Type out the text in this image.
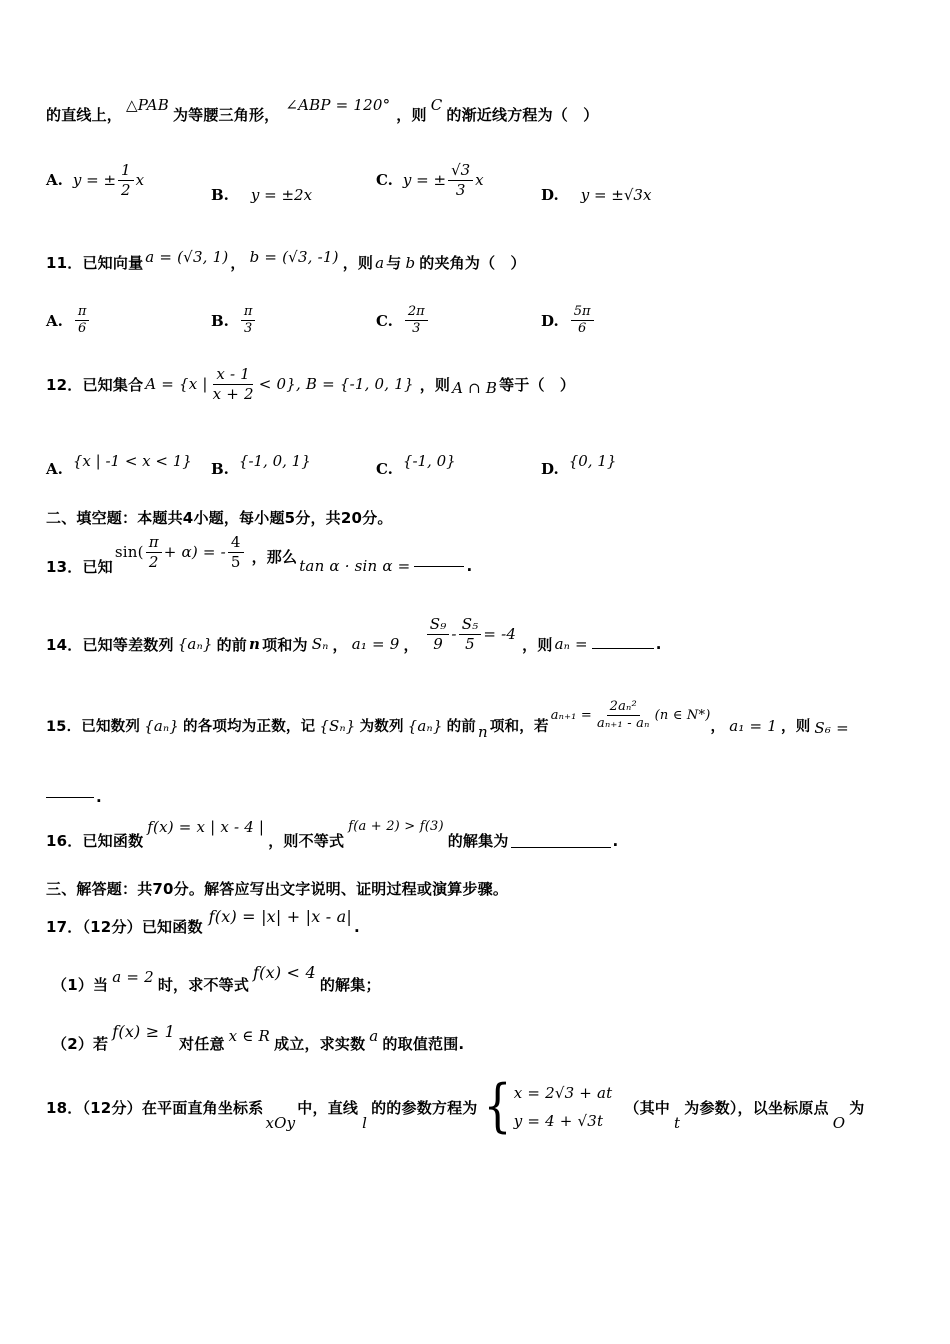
的直线上，
△PAB
为等腰三角形，
∠ABP = 120°
，则
C
的渐近线方程为（　）
A. y = ± $\frac{1}{2}$ x
B. y = ±2x
C. y = ± $\frac{√3}{3}$ x
D. y = ±√3x
11．已知向量 a = (√3, 1) ， b = (√3, -1) ，则 a 与 b 的夹角为（　）
A. $\frac{\pi}{6}$	B. $\frac{\pi}{3}$	C. $\frac{2\pi}{3}$	D. $\frac{5\pi}{6}$
12．已知集合 A = {x | $\frac{x - 1}{x + 2} < 0$}, B = {-1, 0, 1} ，则 A ∩ B 等于（　）
A. {x | -1 < x < 1} B. {-1, 0, 1}	C. {-1, 0}	D. {0, 1}
二、填空题：本题共4小题，每小题5分，共20分。
13．已知
$\sin( \frac{\pi}{2} + \alpha)$ = - $\frac{4}{5}$ ，那么
tan α · sin α =	.
14．已知等差数列 {aₙ} 的前 n 项和为 Sₙ ， a₁ = 9 ， $\frac{\text{S₉}}{9} - \frac{\text{S₅}}{5} = -4$
，则 aₙ =	.
15．已知数列 {aₙ} 的各项均为正数，记 {Sₙ} 为数列 {aₙ} 的前 n 项和，若
$a_{n+1} = \frac{\text{2aₙ²}}{\text{aₙ₊₁ - aₙ}} (n$ ∈ N*)
， a₁ = 1 ，则 S₆ =
.
16．已知函数
f(x) = x | x - 4 |
，则不等式
f(a + 2) > f(3)
的解集为	.
三、解答题：共70分。解答应写出文字说明、证明过程或演算步骤。
17．（12分）已知函数
f(x) = |x| + |x - a|
.
（1）当 a = 2 时，求不等式
f(x) < 4
的解集；
（2）若
f(x) ≥ 1
对任意 x ∈ R 成立，求实数 a 的取值范围.
18．（12分）在平面直角坐标系
xOy
中，直线
l
的的参数方程为 { x = 2√3 + at
y = 4 + √3t
（其中
t
为参数），以坐标原点
O
为
